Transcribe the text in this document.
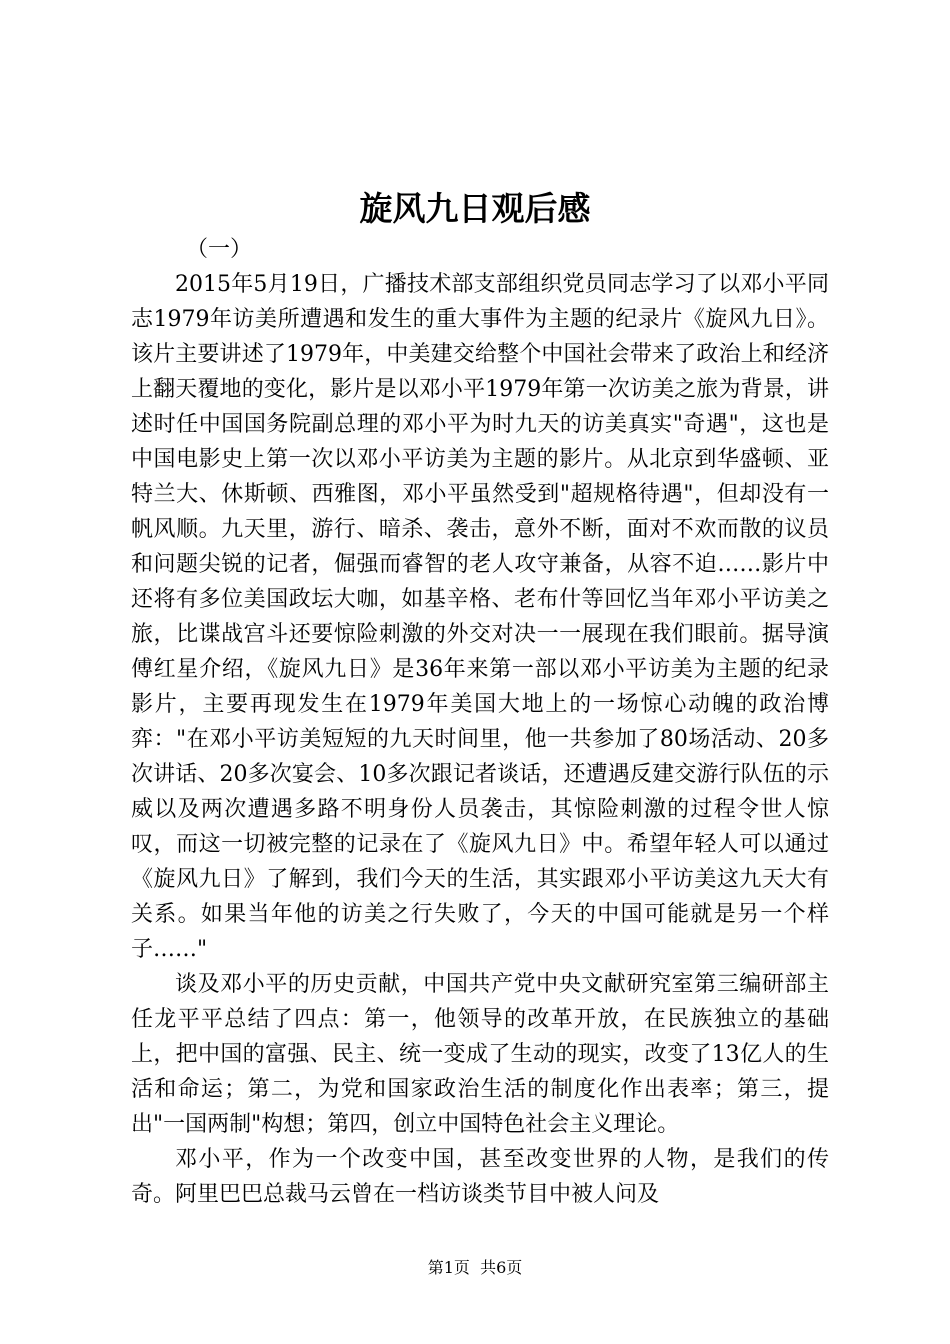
旋风九日观后感

（一）

2015年5月19日，广播技术部支部组织党员同志学习了以邓小平同志1979年访美所遭遇和发生的重大事件为主题的纪录片《旋风九日》。该片主要讲述了1979年，中美建交给整个中国社会带来了政治上和经济上翻天覆地的变化，影片是以邓小平1979年第一次访美之旅为背景，讲述时任中国国务院副总理的邓小平为时九天的访美真实"奇遇"，这也是中国电影史上第一次以邓小平访美为主题的影片。从北京到华盛顿、亚特兰大、休斯顿、西雅图，邓小平虽然受到"超规格待遇"，但却没有一帆风顺。九天里，游行、暗杀、袭击，意外不断，面对不欢而散的议员和问题尖锐的记者，倔强而睿智的老人攻守兼备，从容不迫……影片中还将有多位美国政坛大咖，如基辛格、老布什等回忆当年邓小平访美之旅，比谍战宫斗还要惊险刺激的外交对决一一展现在我们眼前。据导演傅红星介绍，《旋风九日》是36年来第一部以邓小平访美为主题的纪录影片，主要再现发生在1979年美国大地上的一场惊心动魄的政治博弈："在邓小平访美短短的九天时间里，他一共参加了80场活动、20多次讲话、20多次宴会、10多次跟记者谈话，还遭遇反建交游行队伍的示威以及两次遭遇多路不明身份人员袭击，其惊险刺激的过程令世人惊叹，而这一切被完整的记录在了《旋风九日》中。希望年轻人可以通过《旋风九日》了解到，我们今天的生活，其实跟邓小平访美这九天大有关系。如果当年他的访美之行失败了，今天的中国可能就是另一个样子……"

谈及邓小平的历史贡献，中国共产党中央文献研究室第三编研部主任龙平平总结了四点：第一，他领导的改革开放，在民族独立的基础上，把中国的富强、民主、统一变成了生动的现实，改变了13亿人的生活和命运；第二，为党和国家政治生活的制度化作出表率；第三，提出"一国两制"构想；第四，创立中国特色社会主义理论。

邓小平，作为一个改变中国，甚至改变世界的人物，是我们的传奇。阿里巴巴总裁马云曾在一档访谈类节目中被人问及

第1页 共6页
